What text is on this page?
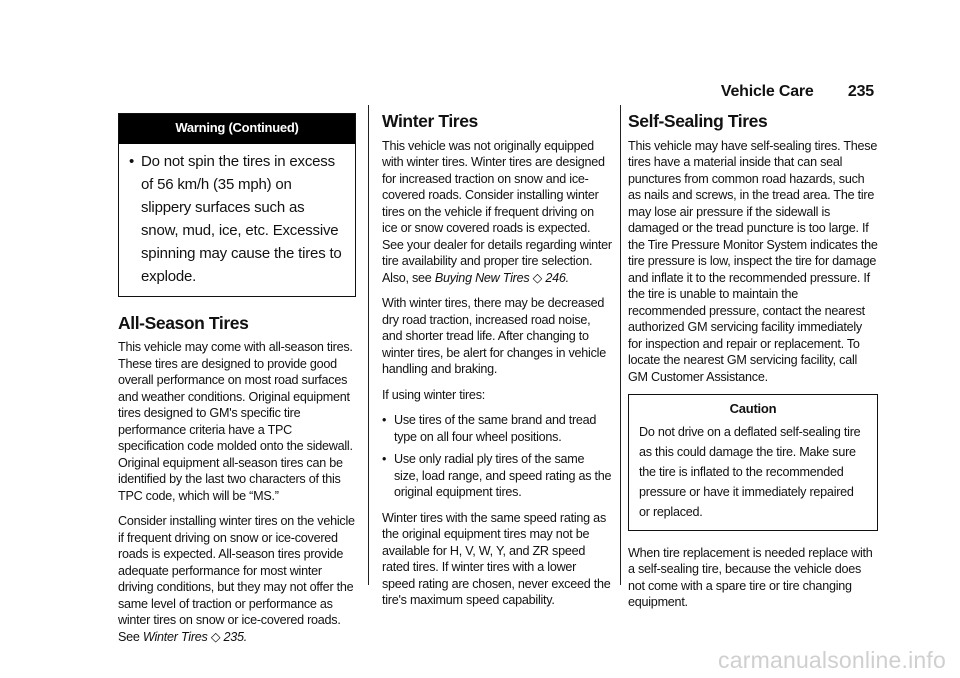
Vehicle Care 235
Warning (Continued)
•
Do not spin the tires in excess of 56 km/h (35 mph) on slippery surfaces such as snow, mud, ice, etc. Excessive spinning may cause the tires to explode.
All-Season Tires

This vehicle may come with all-season tires. These tires are designed to provide good overall performance on most road surfaces and weather conditions. Original equipment tires designed to GM's specific tire performance criteria have a TPC specification code molded onto the sidewall. Original equipment all-season tires can be identified by the last two characters of this TPC code, which will be “MS.”

Consider installing winter tires on the vehicle if frequent driving on snow or ice-covered roads is expected. All-season tires provide adequate performance for most winter driving conditions, but they may not offer the same level of traction or performance as winter tires on snow or ice-covered roads. See Winter Tires ◇ 235.

Winter Tires

This vehicle was not originally equipped with winter tires. Winter tires are designed for increased traction on snow and ice-covered roads. Consider installing winter tires on the vehicle if frequent driving on ice or snow covered roads is expected. See your dealer for details regarding winter tire availability and proper tire selection. Also, see Buying New Tires ◇ 246.

With winter tires, there may be decreased dry road traction, increased road noise, and shorter tread life. After changing to winter tires, be alert for changes in vehicle handling and braking.

If using winter tires:

•
Use tires of the same brand and tread type on all four wheel positions.
•
Use only radial ply tires of the same size, load range, and speed rating as the original equipment tires.

Winter tires with the same speed rating as the original equipment tires may not be available for H, V, W, Y, and ZR speed rated tires. If winter tires with a lower speed rating are chosen, never exceed the tire's maximum speed capability.

Self-Sealing Tires

This vehicle may have self-sealing tires. These tires have a material inside that can seal punctures from common road hazards, such as nails and screws, in the tread area. The tire may lose air pressure if the sidewall is damaged or the tread puncture is too large. If the Tire Pressure Monitor System indicates the tire pressure is low, inspect the tire for damage and inflate it to the recommended pressure. If the tire is unable to maintain the recommended pressure, contact the nearest authorized GM servicing facility immediately for inspection and repair or replacement. To locate the nearest GM servicing facility, call GM Customer Assistance.

Caution
Do not drive on a deflated self-sealing tire as this could damage the tire. Make sure the tire is inflated to the recommended pressure or have it immediately repaired or replaced.

When tire replacement is needed replace with a self-sealing tire, because the vehicle does not come with a spare tire or tire changing equipment.

carmanualsonline.info
